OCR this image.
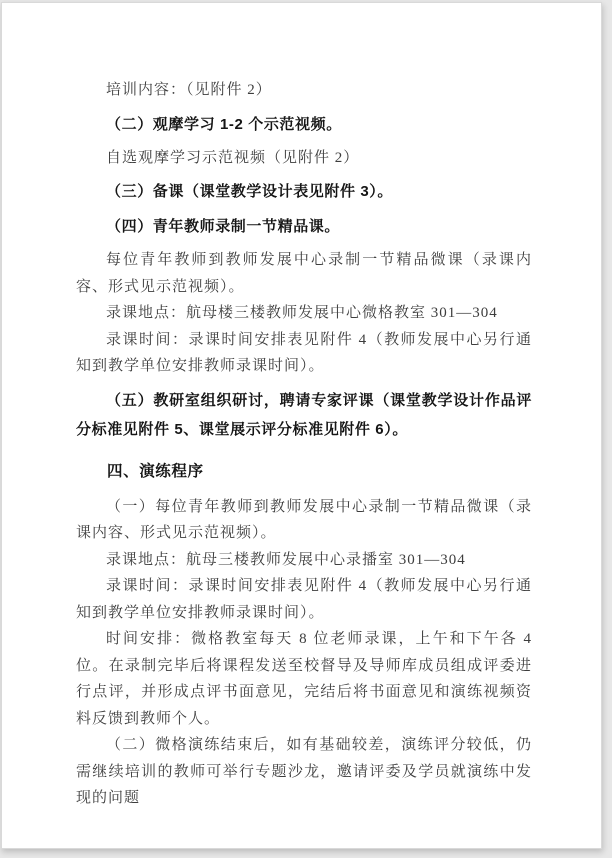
培训内容：（见附件 2）

（二）观摩学习 1-2 个示范视频。

自选观摩学习示范视频（见附件 2）

（三）备课（课堂教学设计表见附件 3）。

（四）青年教师录制一节精品课。

每位青年教师到教师发展中心录制一节精品微课（录课内容、形式见示范视频）。

录课地点：航母楼三楼教师发展中心微格教室 301—304

录课时间：录课时间安排表见附件 4（教师发展中心另行通知到教学单位安排教师录课时间）。

（五）教研室组织研讨，聘请专家评课（课堂教学设计作品评分标准见附件 5、课堂展示评分标准见附件 6）。

四、演练程序

（一）每位青年教师到教师发展中心录制一节精品微课（录课内容、形式见示范视频）。

录课地点：航母三楼教师发展中心录播室 301—304

录课时间：录课时间安排表见附件 4（教师发展中心另行通知到教学单位安排教师录课时间）。

时间安排：微格教室每天 8 位老师录课，上午和下午各 4 位。在录制完毕后将课程发送至校督导及导师库成员组成评委进行点评，并形成点评书面意见，完结后将书面意见和演练视频资料反馈到教师个人。

（二）微格演练结束后，如有基础较差，演练评分较低，仍需继续培训的教师可举行专题沙龙，邀请评委及学员就演练中发现的问题
